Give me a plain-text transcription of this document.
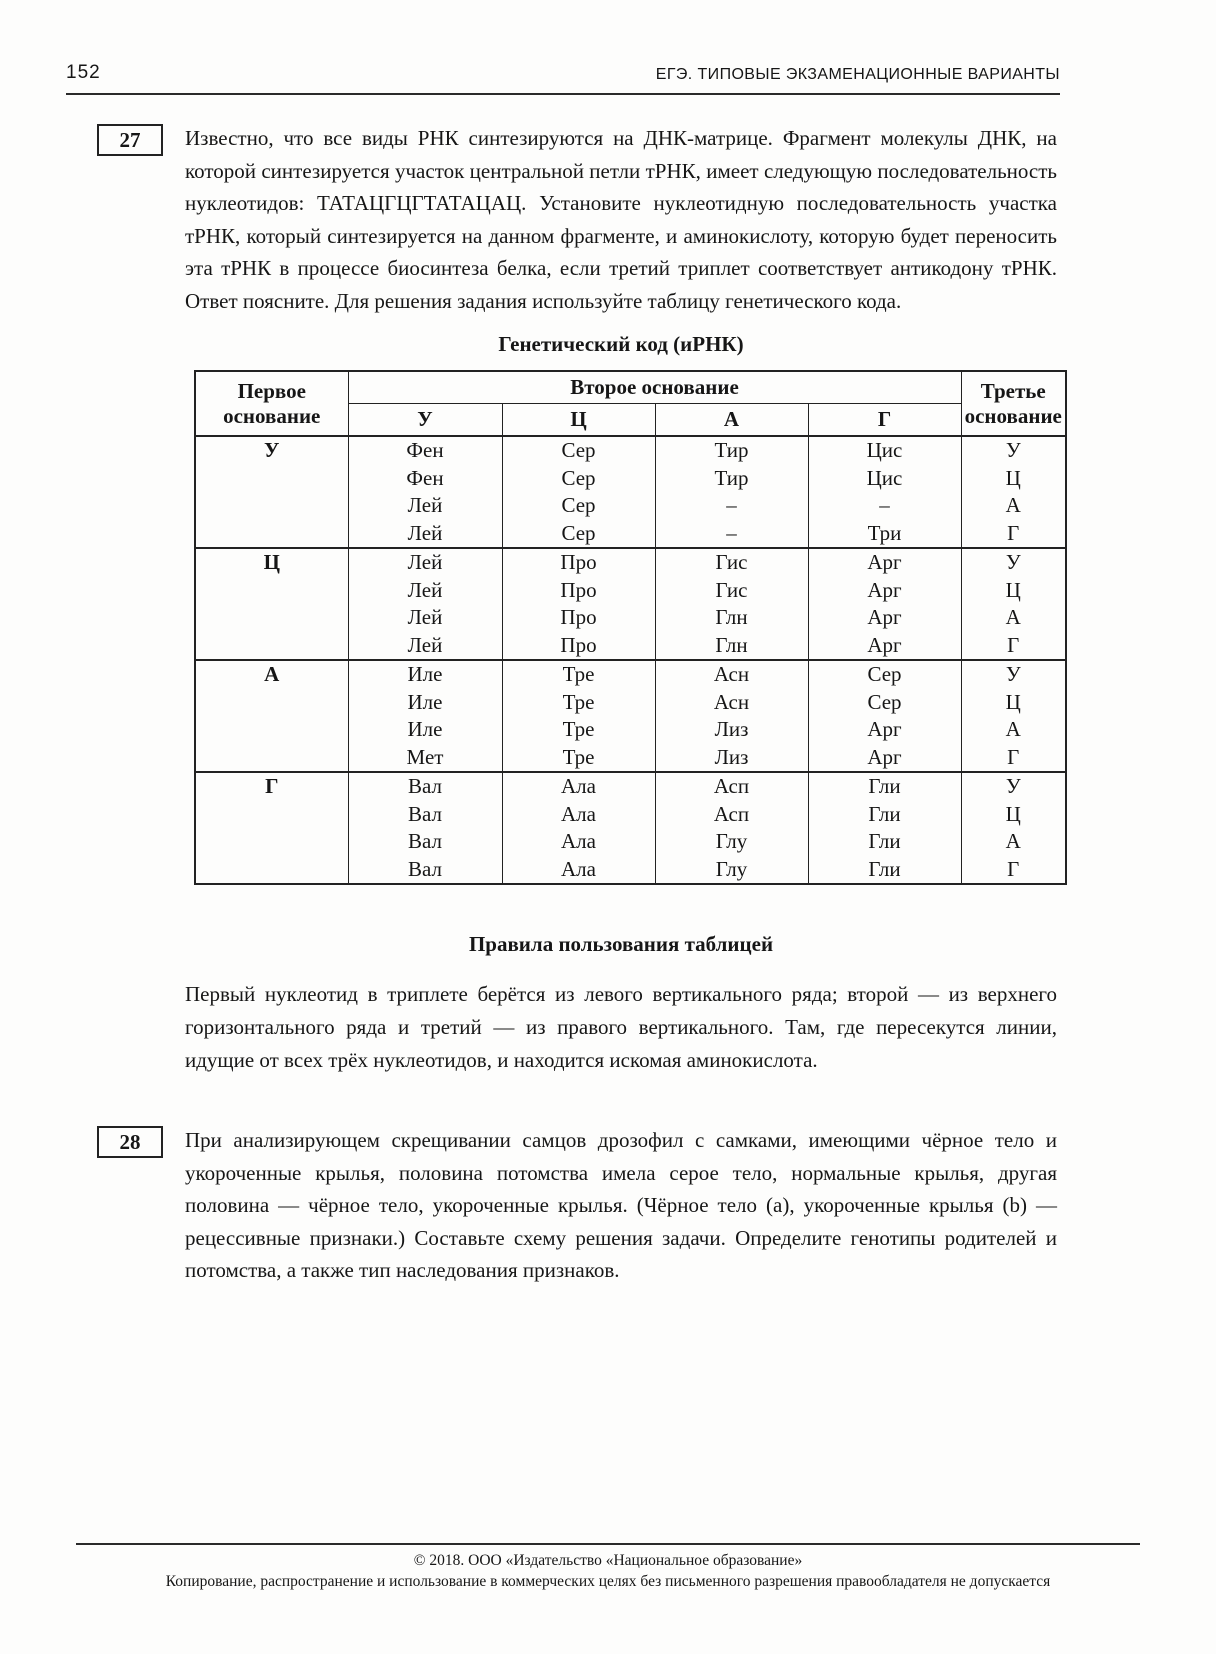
152	ЕГЭ. ТИПОВЫЕ ЭКЗАМЕНАЦИОННЫЕ ВАРИАНТЫ
27	Известно, что все виды РНК синтезируются на ДНК-матрице. Фрагмент молекулы ДНК, на которой синтезируется участок центральной петли тРНК, имеет следующую последовательность нуклеотидов: ТАТАЦГЦГТАТАЦАЦ. Установите нуклеотидную последовательность участка тРНК, который синтезируется на данном фрагменте, и аминокислоту, которую будет переносить эта тРНК в процессе биосинтеза белка, если третий триплет соответствует антикодону тРНК. Ответ поясните. Для решения задания используйте таблицу генетического кода.
Генетический код (иРНК)
Первое основание	Второе основание				Третье основание
	У	Ц	А	Г	
У	Фен	Сер	Тир	Цис	У
	Фен	Сер	Тир	Цис	Ц
	Лей	Сер	–	–	А
	Лей	Сер	–	Три	Г
Ц	Лей	Про	Гис	Арг	У
	Лей	Про	Гис	Арг	Ц
	Лей	Про	Глн	Арг	А
	Лей	Про	Глн	Арг	Г
А	Иле	Тре	Асн	Сер	У
	Иле	Тре	Асн	Сер	Ц
	Иле	Тре	Лиз	Арг	А
	Мет	Тре	Лиз	Арг	Г
Г	Вал	Ала	Асп	Гли	У
	Вал	Ала	Асп	Гли	Ц
	Вал	Ала	Глу	Гли	А
	Вал	Ала	Глу	Гли	Г
Правила пользования таблицей
Первый нуклеотид в триплете берётся из левого вертикального ряда; второй — из верхнего горизонтального ряда и третий — из правого вертикального. Там, где пересекутся линии, идущие от всех трёх нуклеотидов, и находится искомая аминокислота.
28	При анализирующем скрещивании самцов дрозофил с самками, имеющими чёрное тело и укороченные крылья, половина потомства имела серое тело, нормальные крылья, другая половина — чёрное тело, укороченные крылья. (Чёрное тело (а), укороченные крылья (b) — рецессивные признаки.) Составьте схему решения задачи. Определите генотипы родителей и потомства, а также тип наследования признаков.
© 2018. ООО «Издательство «Национальное образование»
Копирование, распространение и использование в коммерческих целях без письменного разрешения правообладателя не допускается
